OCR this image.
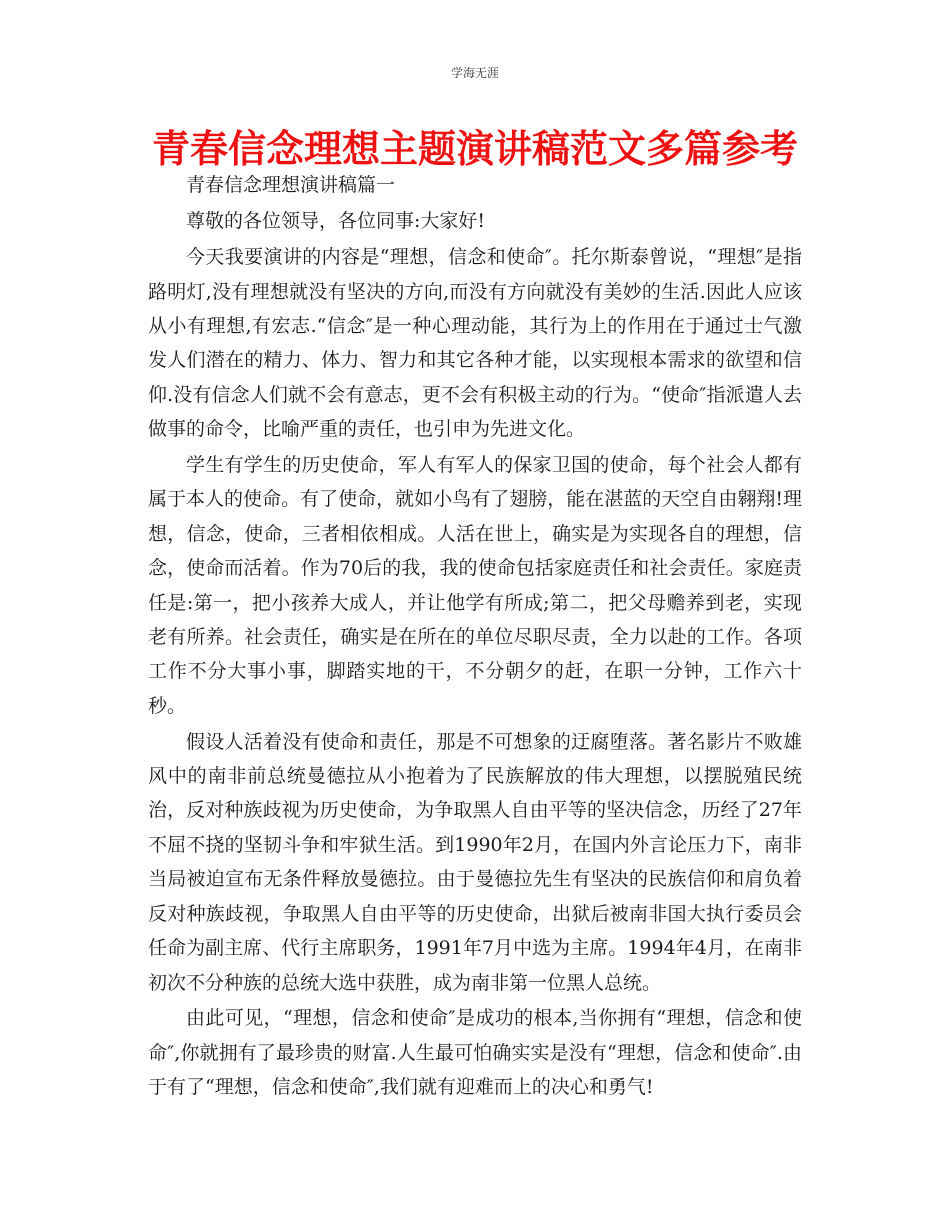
学海无涯
青春信念理想主题演讲稿范文多篇参考

青春信念理想演讲稿篇一

尊敬的各位领导，各位同事:大家好!

今天我要演讲的内容是“理想，信念和使命″。托尔斯泰曾说，“理想″是指路明灯,没有理想就没有坚决的方向,而没有方向就没有美妙的生活.因此人应该从小有理想,有宏志.“信念″是一种心理动能，其行为上的作用在于通过士气激发人们潜在的精力、体力、智力和其它各种才能，以实现根本需求的欲望和信仰.没有信念人们就不会有意志，更不会有积极主动的行为。“使命″指派遣人去做事的命令，比喻严重的责任，也引申为先进文化。

学生有学生的历史使命，军人有军人的保家卫国的使命，每个社会人都有属于本人的使命。有了使命，就如小鸟有了翅膀，能在湛蓝的天空自由翱翔!理想，信念，使命，三者相依相成。人活在世上，确实是为实现各自的理想，信念，使命而活着。作为70后的我，我的使命包括家庭责任和社会责任。家庭责任是:第一，把小孩养大成人，并让他学有所成;第二，把父母赡养到老，实现老有所养。社会责任，确实是在所在的单位尽职尽责，全力以赴的工作。各项工作不分大事小事，脚踏实地的干，不分朝夕的赶，在职一分钟，工作六十秒。

假设人活着没有使命和责任，那是不可想象的迂腐堕落。著名影片不败雄风中的南非前总统曼德拉从小抱着为了民族解放的伟大理想，以摆脱殖民统治，反对种族歧视为历史使命，为争取黑人自由平等的坚决信念，历经了27年不屈不挠的坚韧斗争和牢狱生活。到1990年2月，在国内外言论压力下，南非当局被迫宣布无条件释放曼德拉。由于曼德拉先生有坚决的民族信仰和肩负着反对种族歧视，争取黑人自由平等的历史使命，出狱后被南非国大执行委员会任命为副主席、代行主席职务，1991年7月中选为主席。1994年4月，在南非初次不分种族的总统大选中获胜，成为南非第一位黑人总统。

由此可见，“理想，信念和使命″是成功的根本,当你拥有“理想，信念和使命″,你就拥有了最珍贵的财富.人生最可怕确实实是没有“理想，信念和使命″.由于有了“理想，信念和使命″,我们就有迎难而上的决心和勇气!
